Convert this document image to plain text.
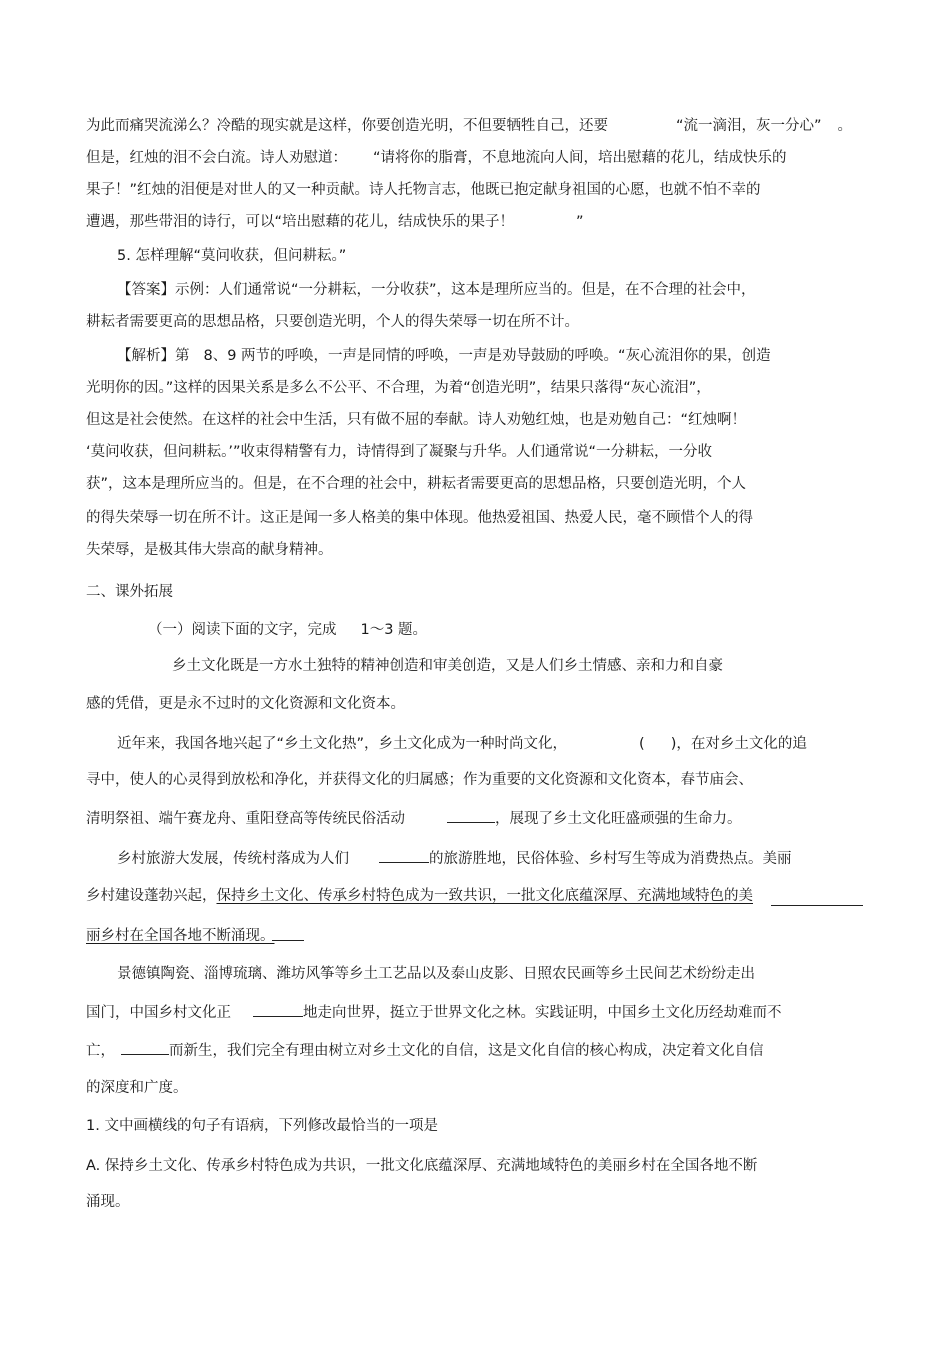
为此而痛哭流涕么？冷酷的现实就是这样，你要创造光明，不但要牺牲自己，还要	“流一滴泪，灰一分心” 。
但是，红烛的泪不会白流。诗人劝慰道： “请将你的脂膏，不息地流向人间，培出慰藉的花儿，结成快乐的
果子！”红烛的泪便是对世人的又一种贡献。诗人托物言志，他既已抱定献身祖国的心愿，也就不怕不幸的
遭遇，那些带泪的诗行，可以“培出慰藉的花儿，结成快乐的果子！	”
5. 怎样理解“莫问收获，但问耕耘。”
【答案】示例：人们通常说“一分耕耘，一分收获”，这本是理所应当的。但是，在不合理的社会中，
耕耘者需要更高的思想品格，只要创造光明，个人的得失荣辱一切在所不计。
【解析】第 8、9 两节的呼唤，一声是同情的呼唤，一声是劝导鼓励的呼唤。“灰心流泪你的果，创造
光明你的因。”这样的因果关系是多么不公平、不合理，为着“创造光明”，结果只落得“灰心流泪”，
但这是社会使然。在这样的社会中生活，只有做不屈的奉献。诗人劝勉红烛，也是劝勉自己：“红烛啊！
‘莫问收获，但问耕耘。’”收束得精警有力，诗情得到了凝聚与升华。人们通常说“一分耕耘，一分收
获”，这本是理所应当的。但是，在不合理的社会中，耕耘者需要更高的思想品格，只要创造光明，个人
的得失荣辱一切在所不计。这正是闻一多人格美的集中体现。他热爱祖国、热爱人民，毫不顾惜个人的得
失荣辱，是极其伟大崇高的献身精神。
二、课外拓展
（一）阅读下面的文字，完成 1～3 题。
乡土文化既是一方水土独特的精神创造和审美创造，又是人们乡土情感、亲和力和自豪
感的凭借，更是永不过时的文化资源和文化资本。
近年来，我国各地兴起了“乡土文化热”，乡土文化成为一种时尚文化，	( )，在对乡土文化的追
寻中，使人的心灵得到放松和净化，并获得文化的归属感；作为重要的文化资源和文化资本，春节庙会、
清明祭祖、端午赛龙舟、重阳登高等传统民俗活动	，展现了乡土文化旺盛顽强的生命力。
乡村旅游大发展，传统村落成为人们	的旅游胜地，民俗体验、乡村写生等成为消费热点。美丽
乡村建设蓬勃兴起，保持乡土文化、传承乡村特色成为一致共识，一批文化底蕴深厚、充满地域特色的美
丽乡村在全国各地不断涌现。
景德镇陶瓷、淄博琉璃、潍坊风筝等乡土工艺品以及泰山皮影、日照农民画等乡土民间艺术纷纷走出
国门，中国乡村文化正	地走向世界，挺立于世界文化之林。实践证明，中国乡土文化历经劫难而不
亡，	而新生，我们完全有理由树立对乡土文化的自信，这是文化自信的核心构成，决定着文化自信
的深度和广度。
1. 文中画横线的句子有语病，下列修改最恰当的一项是
A. 保持乡土文化、传承乡村特色成为共识，一批文化底蕴深厚、充满地域特色的美丽乡村在全国各地不断
涌现。
